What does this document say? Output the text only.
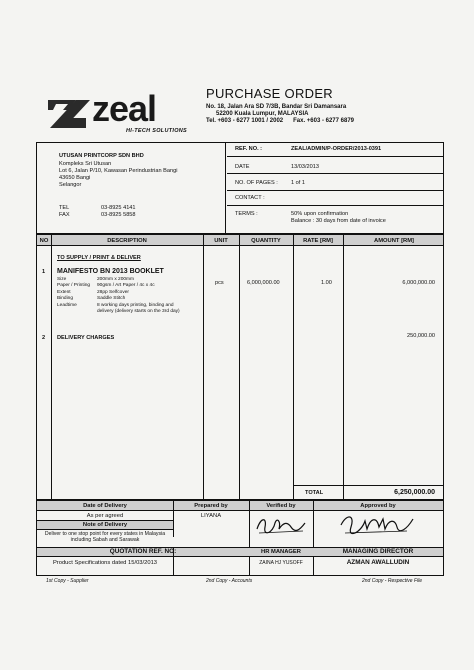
zeal
HI-TECH SOLUTIONS
PURCHASE ORDER
No. 18, Jalan Ara SD 7/3B, Bandar Sri Damansara
52200 Kuala Lumpur, MALAYSIA
Tel. +603 - 6277 1001 / 2002      Fax. +603 - 6277 6879
UTUSAN PRINTCORP SDN BHD
Kompleks Sri Utusan
Lot 6, Jalan P/10, Kawasan Perindustrian Bangi
43650 Bangi
Selangor
TEL	03-8925 4141
FAX	03-8925 5858
REF. NO. :	ZEAL/ADMIN/P-ORDER/2013-0391
DATE	13/03/2013
NO. OF PAGES : 1 of 1
CONTACT :
TERMS :	50% upon confirmation
Balance : 30 days from date of invoice
NO	DESCRIPTION	UNIT	QUANTITY	RATE [RM]	AMOUNT [RM]
TO SUPPLY / PRINT & DELIVER
1 MANIFESTO BN 2013 BOOKLET
Size	200mm x 200mm
Paper / Printing	90gsm / Art Paper / 4c x 4c
Extent	28pp Selfcover
Binding	Saddle Stitch
Leadtime	8 working days printing, binding and
delivery (delivery starts on the 3rd day)
pcs	6,000,000.00	1.00	6,000,000.00
2 DELIVERY CHARGES	250,000.00
TOTAL	6,250,000.00
Date of Delivery	Prepared by	Verified by	Approved by
As per agreed	LIYANA
Note of Delivery
Deliver to one stop point for every states in Malaysia
including Sabah and Sarawak
QUOTATION REF. NO:	HR MANAGER	MANAGING DIRECTOR
Product Specifications dated 15/03/2013	ZAINA HJ YUSOFF	AZMAN AWALLUDIN
1st Copy - Supplier	2nd Copy - Accounts	2nd Copy - Respective File
